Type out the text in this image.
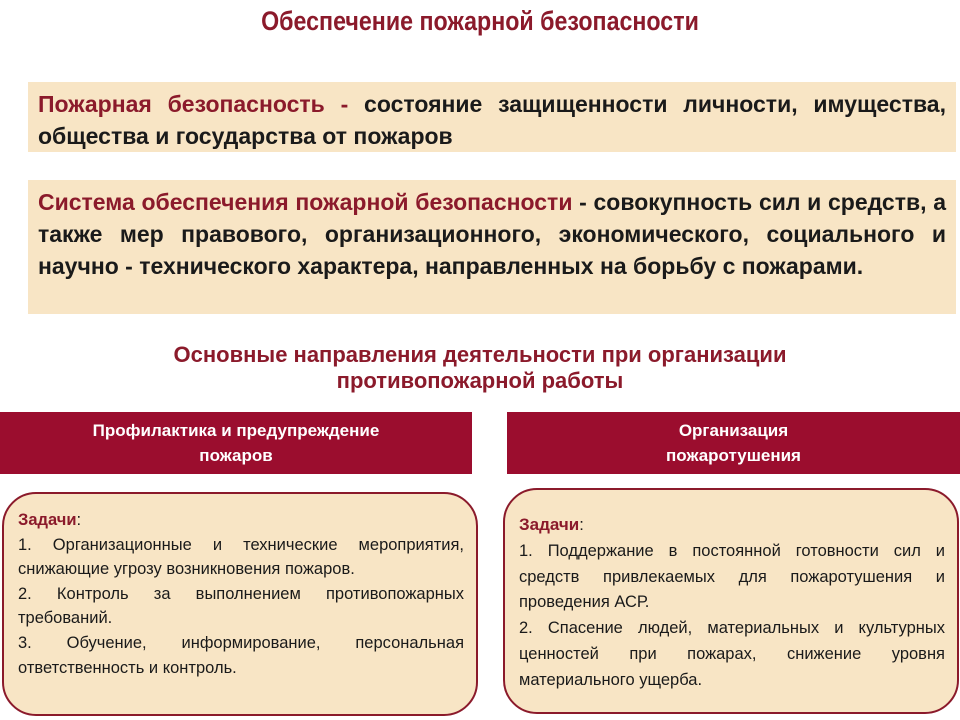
Обеспечение пожарной безопасности
Пожарная безопасность - состояние защищенности личности, имущества, общества и государства от пожаров
Система обеспечения пожарной безопасности - совокупность сил и средств, а также мер правового, организационного, экономического, социального и научно - технического характера, направленных на борьбу с пожарами.
Основные направления деятельности при организации
противопожарной работы
Профилактика и предупреждение
пожаров
Организация
пожаротушения
Задачи:
1. Организационные и технические мероприятия, снижающие угрозу возникновения пожаров.
2. Контроль за выполнением противопожарных требований.
3. Обучение, информирование, персональная ответственность и контроль.
Задачи:
1. Поддержание в постоянной готовности сил и средств привлекаемых для пожаротушения и проведения АСР.
2. Спасение людей, материальных и культурных ценностей при пожарах, снижение уровня материального ущерба.
